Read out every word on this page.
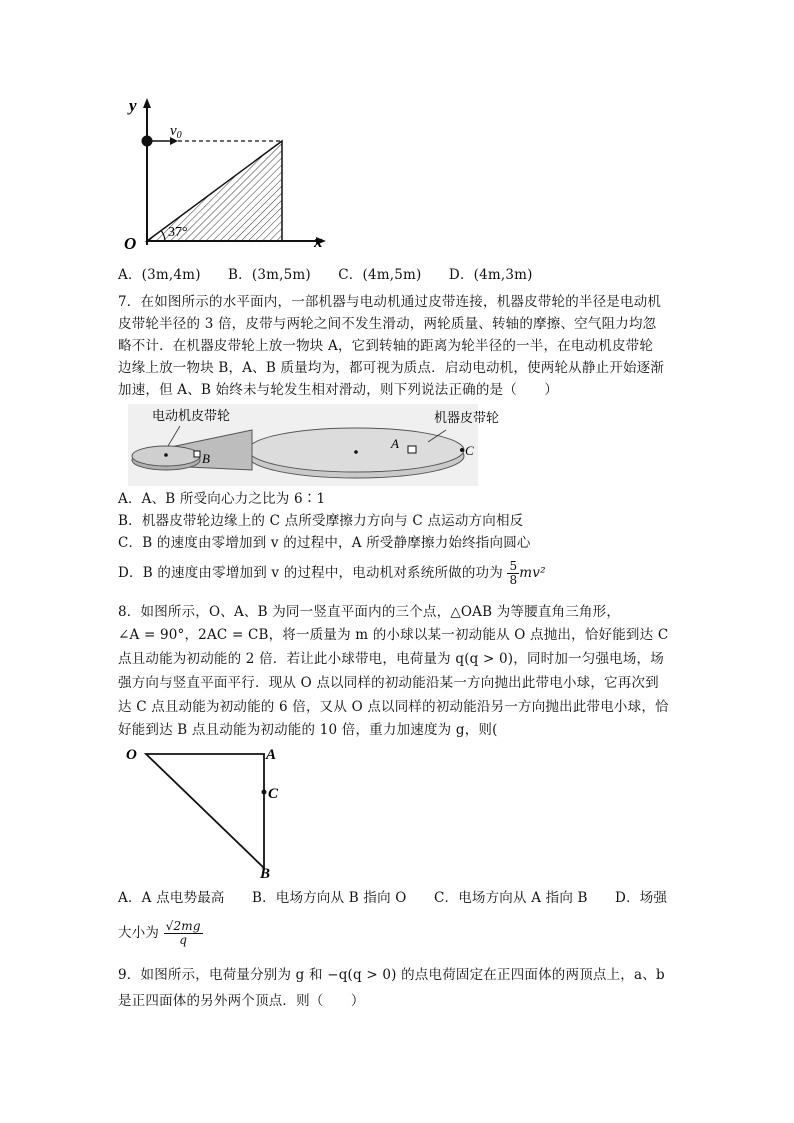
y
x
O
$v_0$
37°
A．(3m,4m)　　B．(3m,5m)　　C．(4m,5m)　　D．(4m,3m)
7．在如图所示的水平面内，一部机器与电动机通过皮带连接，机器皮带轮的半径是电动机
皮带轮半径的 3 倍，皮带与两轮之间不发生滑动，两轮质量、转轴的摩擦、空气阻力均忽
略不计．在机器皮带轮上放一物块 A，它到转轴的距离为轮半径的一半，在电动机皮带轮
边缘上放一物块 B，A、B 质量均为，都可视为质点．启动电动机，使两轮从静止开始逐渐
加速，但 A、B 始终未与轮发生相对滑动，则下列说法正确的是（　　）
电动机皮带轮	机器皮带轮
A
B
C
A．A、B 所受向心力之比为 6∶1
B．机器皮带轮边缘上的 C 点所受摩擦力方向与 C 点运动方向相反
C．B 的速度由零增加到 v 的过程中，A 所受静摩擦力始终指向圆心
D．B 的速度由零增加到 v 的过程中，电动机对系统所做的功为 $\frac{5}{8} mv^2$
8．如图所示，O、A、B 为同一竖直平面内的三个点，△OAB 为等腰直角三角形，
∠A = 90°，2AC = CB，将一质量为 m 的小球以某一初动能从 O 点抛出，恰好能到达 C
点且动能为初动能的 2 倍．若让此小球带电，电荷量为 q(q > 0)，同时加一匀强电场，场
强方向与竖直平面平行．现从 O 点以同样的初动能沿某一方向抛出此带电小球，它再次到
达 C 点且动能为初动能的 6 倍，又从 O 点以同样的初动能沿另一方向抛出此带电小球，恰
好能到达 B 点且动能为初动能的 10 倍，重力加速度为 g，则(
O	A
C
B
A．A 点电势最高　　B．电场方向从 B 指向 O　　C．电场方向从 A 指向 B　　D．场强
大小为 $\frac{√2mg}{q}$
9．如图所示，电荷量分别为 g 和 −q(q > 0) 的点电荷固定在正四面体的两顶点上，a、b
是正四面体的另外两个顶点．则（　　）
